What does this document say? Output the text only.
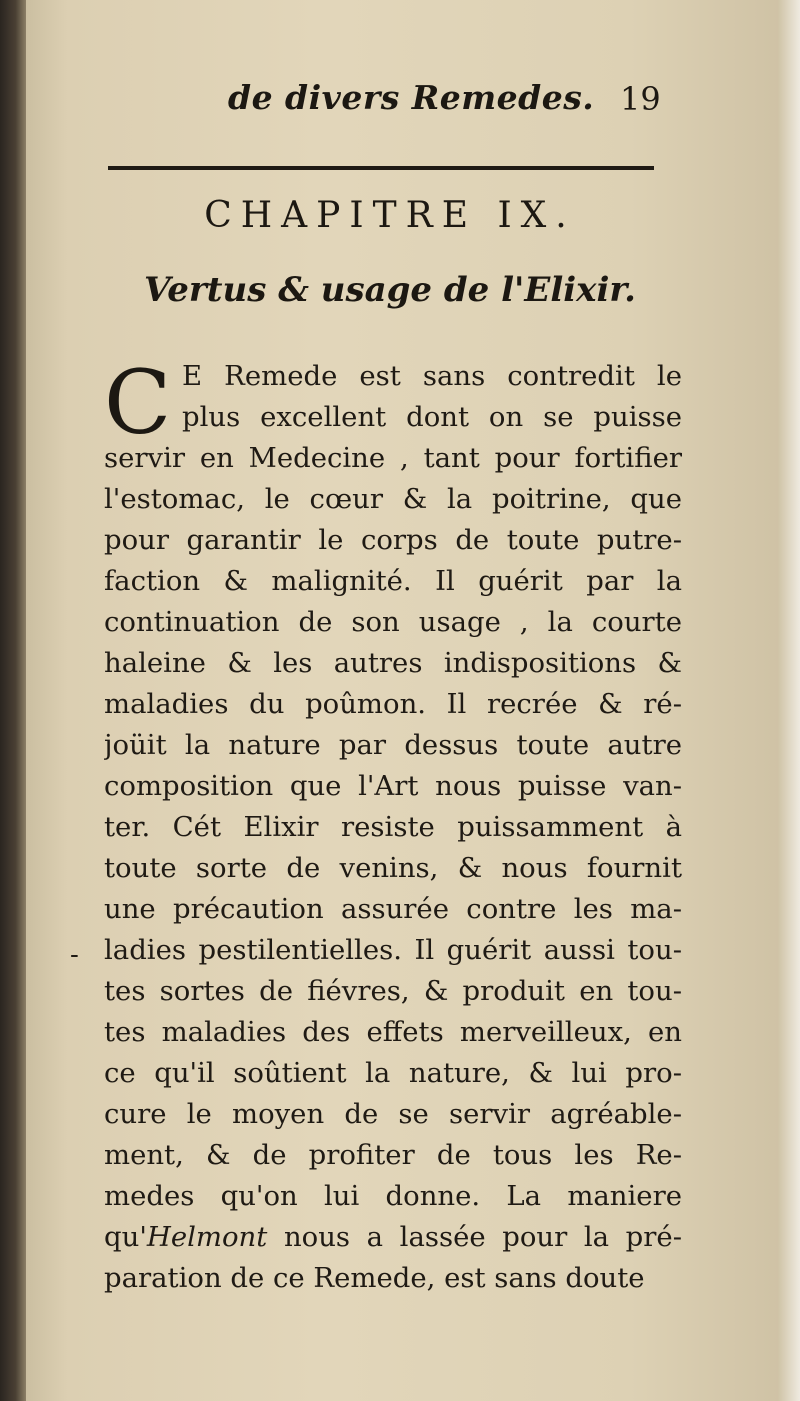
de divers Remedes. 19
CHAPITRE IX.
Vertus & usage de l'Elixir.
C
-
E Remede est sans contredit le
plus excellent dont on se puisse
servir en Medecine , tant pour fortifier
l'estomac, le cœur & la poitrine, que
pour garantir le corps de toute putre-
faction & malignité. Il guérit par la
continuation de son usage , la courte
haleine & les autres indispositions &
maladies du poûmon. Il recrée & ré-
joüit la nature par dessus toute autre
composition que l'Art nous puisse van-
ter. Cét Elixir resiste puissamment à
toute sorte de venins, & nous fournit
une précaution assurée contre les ma-
ladies pestilentielles. Il guérit aussi tou-
tes sortes de fiévres, & produit en tou-
tes maladies des effets merveilleux, en
ce qu'il soûtient la nature, & lui pro-
cure le moyen de se servir agréable-
ment, & de profiter de tous les Re-
medes qu'on lui donne. La maniere
qu'Helmont nous a lassée pour la pré-
paration de ce Remede, est sans doute
